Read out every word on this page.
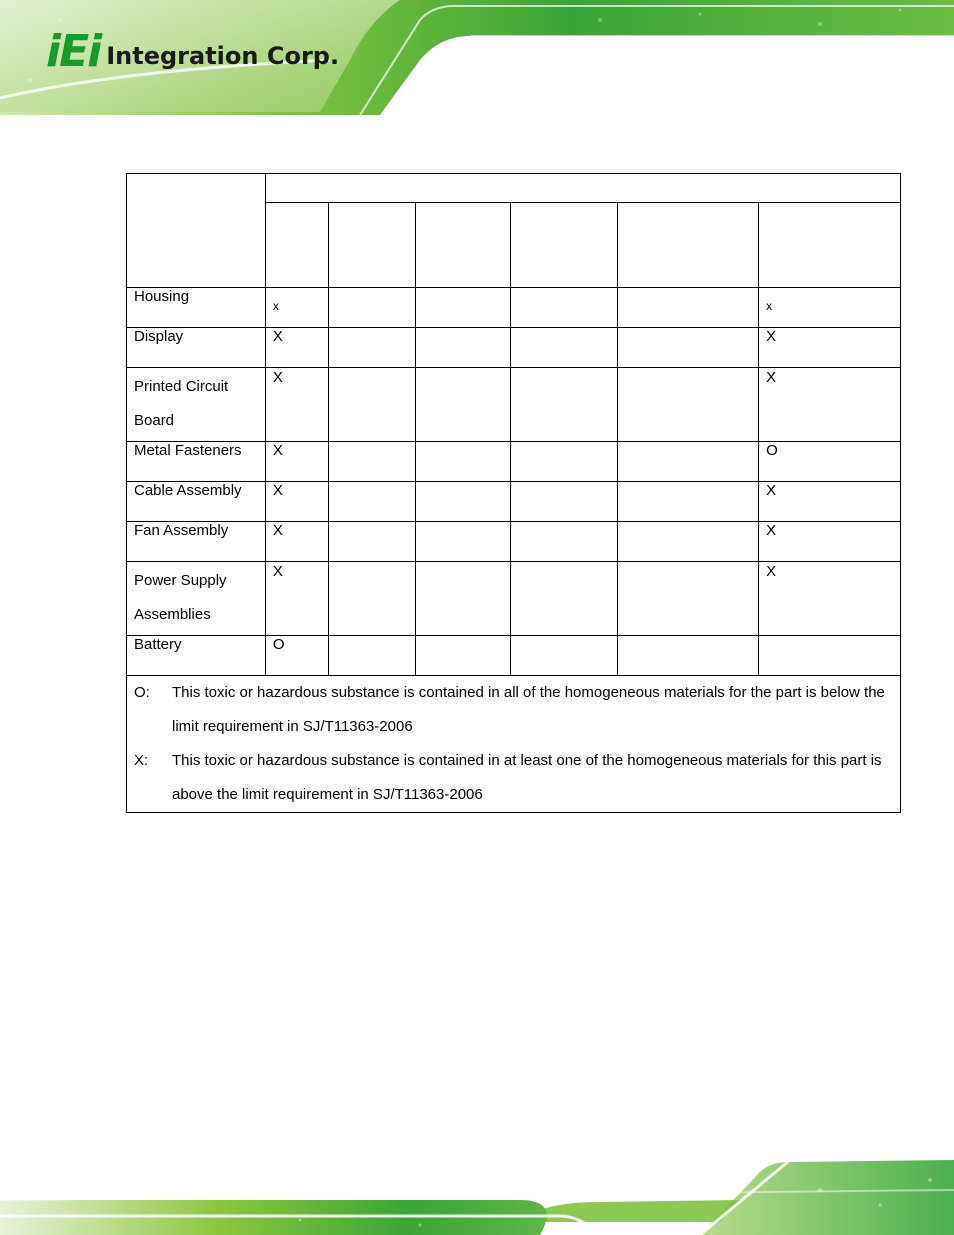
iEi Integration Corp.

Housing	x					x
Display	X					X

Printed Circuit
Board	X					X
Metal Fasteners	X					O
Cable Assembly	X					X
Fan Assembly	X					X

Power Supply
Assemblies	X					X
Battery	O					

O: This toxic or hazardous substance is contained in all of the homogeneous materials for the part is below the limit requirement in SJ/T11363-2006
X: This toxic or hazardous substance is contained in at least one of the homogeneous materials for this part is above the limit requirement in SJ/T11363-2006						
